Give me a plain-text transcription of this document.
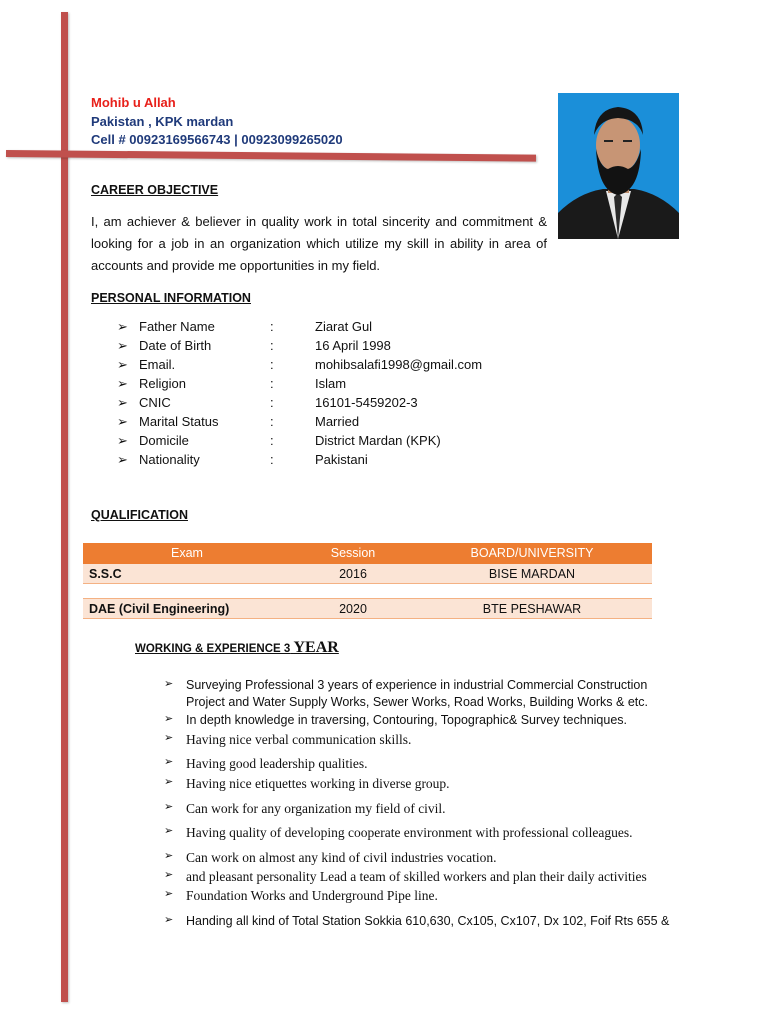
Mohib u Allah
Pakistan , KPK mardan
Cell # 00923169566743 | 00923099265020
CAREER OBJECTIVE
I, am achiever & believer in quality work in total sincerity and commitment & looking for a job in an organization which utilize my skill in ability in area of accounts and provide me opportunities in my field.
PERSONAL INFORMATION
➢ Father Name	:	Ziarat Gul
➢ Date of Birth	:	16 April 1998
➢ Email.	:	mohibsalafi1998@gmail.com
➢ Religion	:	Islam
➢ CNIC	:	16101-5459202-3
➢ Marital Status	:	Married
➢ Domicile	:	District Mardan (KPK)
➢ Nationality	:	Pakistani
QUALIFICATION
Exam	Session	BOARD/UNIVERSITY
S.S.C	2016	BISE MARDAN
DAE (Civil Engineering)	2020	BTE PESHAWAR
WORKING & EXPERIENCE 3 YEAR
➢ Surveying Professional 3 years of experience in industrial Commercial Construction Project and Water Supply Works, Sewer Works, Road Works, Building Works & etc.
➢ In depth knowledge in traversing, Contouring, Topographic& Survey techniques.
➢ Having nice verbal communication skills.
➢ Having good leadership qualities.
➢ Having nice etiquettes working in diverse group.
➢ Can work for any organization my field of civil.
➢ Having quality of developing cooperate environment with professional colleagues.
➢ Can work on almost any kind of civil industries vocation.
➢ and pleasant personality Lead a team of skilled workers and plan their daily activities
➢ Foundation Works and Underground Pipe line.
➢ Handing all kind of Total Station Sokkia 610,630, Cx105, Cx107, Dx 102, Foif Rts 655 &
